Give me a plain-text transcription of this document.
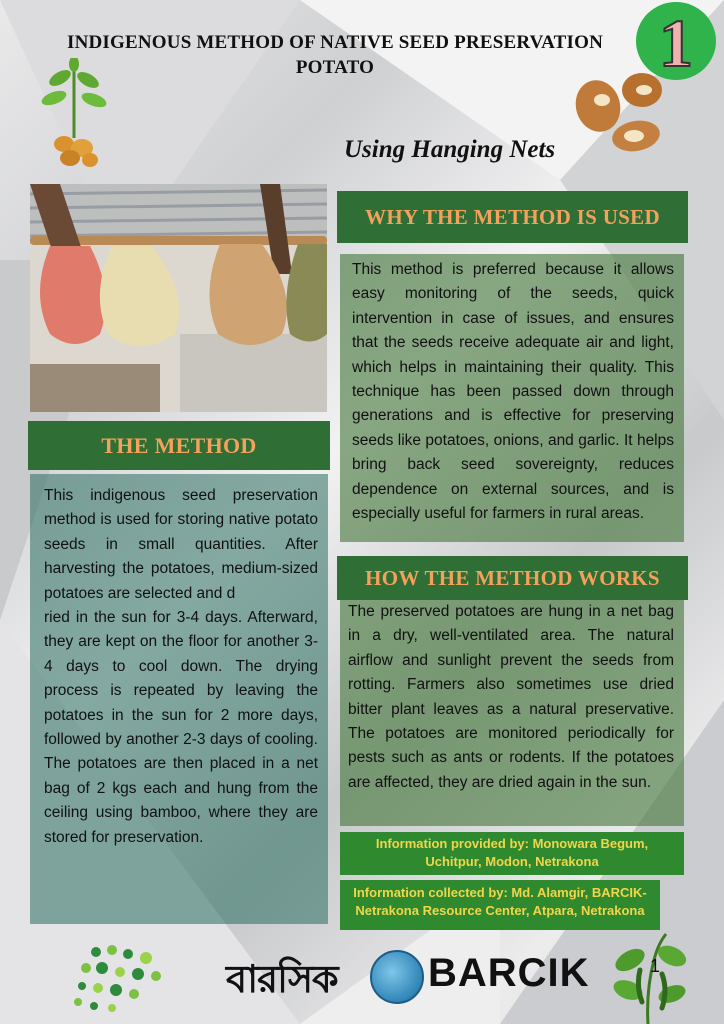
INDIGENOUS METHOD OF NATIVE SEED PRESERVATION
POTATO	1
Using Hanging Nets
WHY THE METHOD IS USED

This method is preferred because it allows easy monitoring of the seeds, quick intervention in case of issues, and ensures that the seeds receive adequate air and light, which helps in maintaining their quality. This technique has been passed down through generations and is effective for preserving seeds like potatoes, onions, and garlic. It helps bring back seed sovereignty, reduces dependence on external sources, and is especially useful for farmers in rural areas.

THE METHOD

This indigenous seed preservation method is used for storing native potato seeds in small quantities. After harvesting the potatoes, medium-sized potatoes are selected and d

ried in the sun for 3-4 days. Afterward, they are kept on the floor for another 3-4 days to cool down. The drying process is repeated by leaving the potatoes in the sun for 2 more days, followed by another 2-3 days of cooling. The potatoes are then placed in a net bag of 2 kgs each and hung from the ceiling using bamboo, where they are stored for preservation.

HOW THE METHOD WORKS

The preserved potatoes are hung in a net bag in a dry, well-ventilated area. The natural airflow and sunlight prevent the seeds from rotting. Farmers also sometimes use dried bitter plant leaves as a natural preservative. The potatoes are monitored periodically for pests such as ants or rodents. If the potatoes are affected, they are dried again in the sun.

Information provided by: Monowara Begum,
Uchitpur, Modon, Netrakona
Information collected by: Md. Alamgir, BARCIK-
Netrakona Resource Center, Atpara, Netrakona
বারসিক BARCIK	1
